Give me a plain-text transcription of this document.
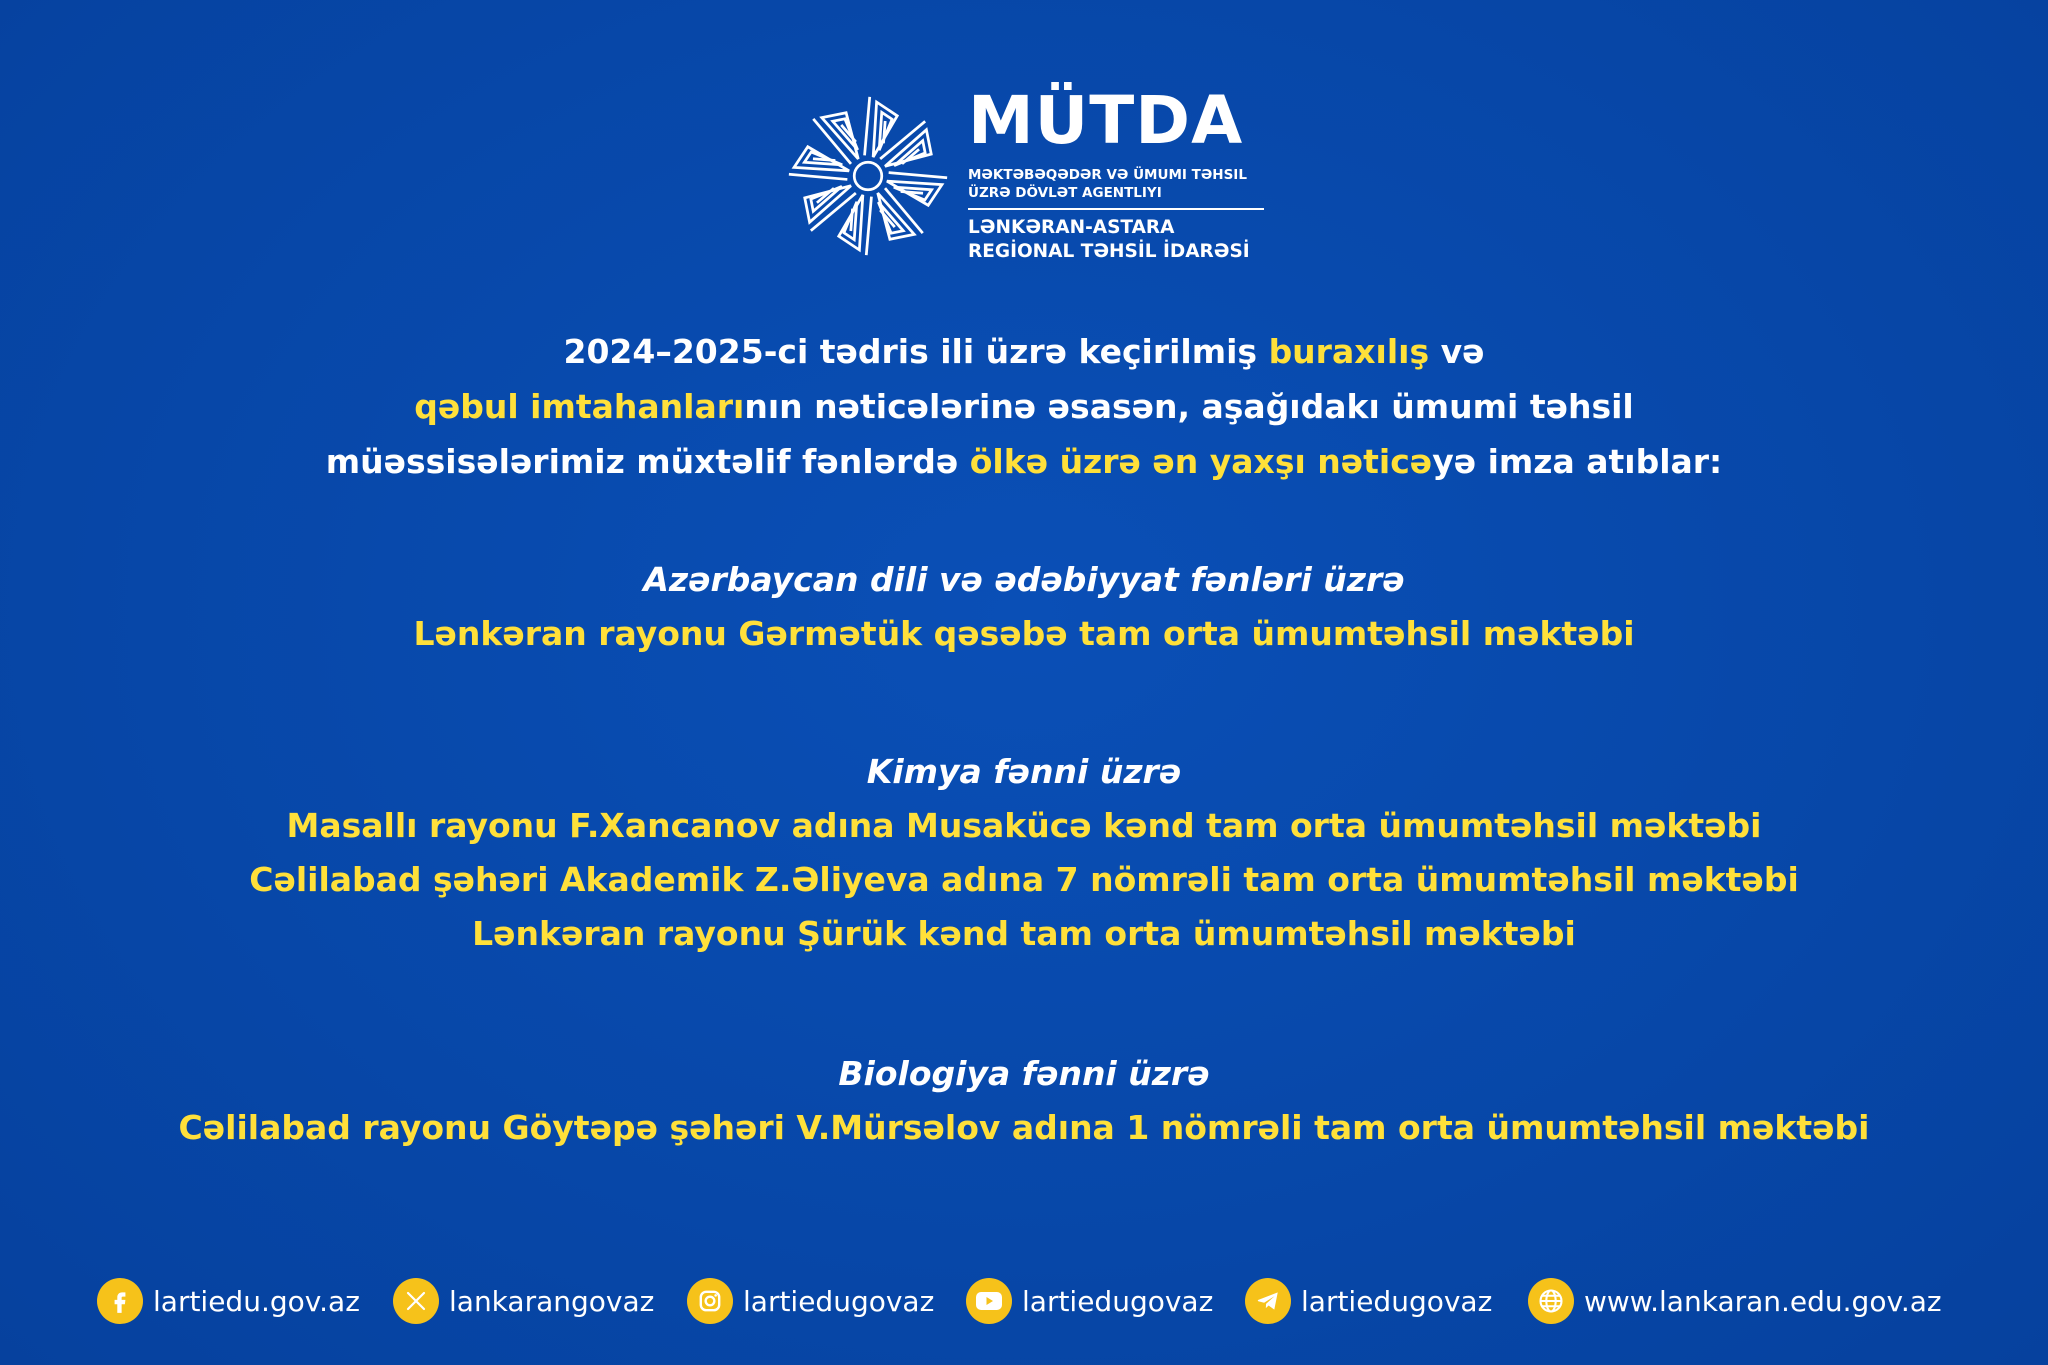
MÜTDA
MƏKTƏBƏQƏDƏR VƏ ÜMUMI TƏHSIL
ÜZRƏ DÖVLƏT AGENTLIYI
LƏNKƏRAN-ASTARA
REGİONAL TƏHSİL İDARƏSİ
2024–2025-ci tədris ili üzrə keçirilmiş buraxılış və
qəbul imtahanlarının nəticələrinə əsasən, aşağıdakı ümumi təhsil
müəssisələrimiz müxtəlif fənlərdə ölkə üzrə ən yaxşı nəticəyə imza atıblar:
Azərbaycan dili və ədəbiyyat fənləri üzrə
Lənkəran rayonu Gərmətük qəsəbə tam orta ümumtəhsil məktəbi
Kimya fənni üzrə
Masallı rayonu F.Xancanov adına Musakücə kənd tam orta ümumtəhsil məktəbi
Cəlilabad şəhəri Akademik Z.Əliyeva adına 7 nömrəli tam orta ümumtəhsil məktəbi
Lənkəran rayonu Şürük kənd tam orta ümumtəhsil məktəbi
Biologiya fənni üzrə
Cəlilabad rayonu Göytəpə şəhəri V.Mürsəlov adına 1 nömrəli tam orta ümumtəhsil məktəbi
lartiedu.gov.az	lankarangovaz	lartiedugovaz	lartiedugovaz	lartiedugovaz	www.lankaran.edu.gov.az
